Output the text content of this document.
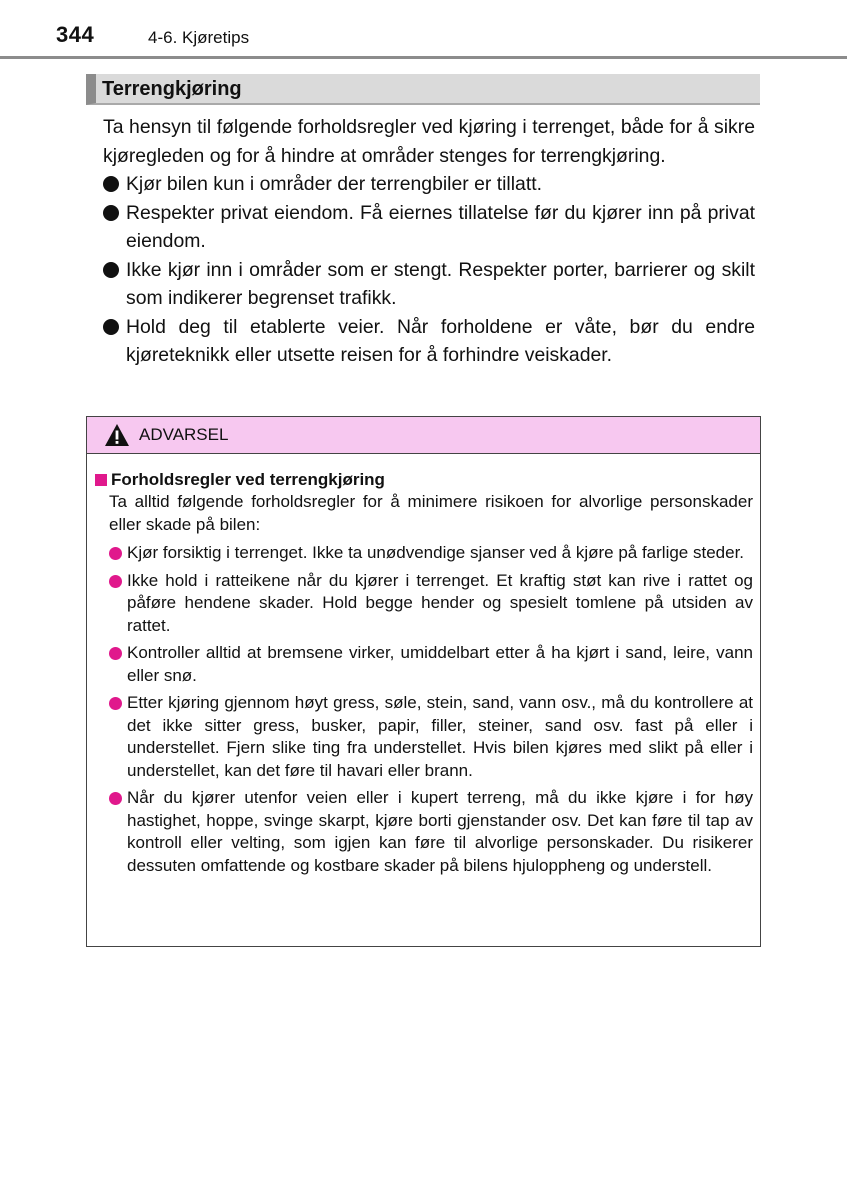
344	4-6. Kjøretips
Terrengkjøring

Ta hensyn til følgende forholdsregler ved kjøring i terrenget, både for å sikre kjøregleden og for å hindre at områder stenges for terrengkjøring.

Kjør bilen kun i områder der terrengbiler er tillatt.
Respekter privat eiendom. Få eiernes tillatelse før du kjører inn på privat eiendom.
Ikke kjør inn i områder som er stengt. Respekter porter, barrierer og skilt som indikerer begrenset trafikk.
Hold deg til etablerte veier. Når forholdene er våte, bør du endre kjøreteknikk eller utsette reisen for å forhindre veiskader.
ADVARSEL
Forholdsregler ved terrengkjøring

Ta alltid følgende forholdsregler for å minimere risikoen for alvorlige personskader eller skade på bilen:

Kjør forsiktig i terrenget. Ikke ta unødvendige sjanser ved å kjøre på farlige steder.
Ikke hold i ratteikene når du kjører i terrenget. Et kraftig støt kan rive i rattet og påføre hendene skader. Hold begge hender og spesielt tomlene på utsiden av rattet.
Kontroller alltid at bremsene virker, umiddelbart etter å ha kjørt i sand, leire, vann eller snø.
Etter kjøring gjennom høyt gress, søle, stein, sand, vann osv., må du kontrollere at det ikke sitter gress, busker, papir, filler, steiner, sand osv. fast på eller i understellet. Fjern slike ting fra understellet. Hvis bilen kjøres med slikt på eller i understellet, kan det føre til havari eller brann.
Når du kjører utenfor veien eller i kupert terreng, må du ikke kjøre i for høy hastighet, hoppe, svinge skarpt, kjøre borti gjenstander osv. Det kan føre til tap av kontroll eller velting, som igjen kan føre til alvorlige personskader. Du risikerer dessuten omfattende og kostbare skader på bilens hjuloppheng og understell.
